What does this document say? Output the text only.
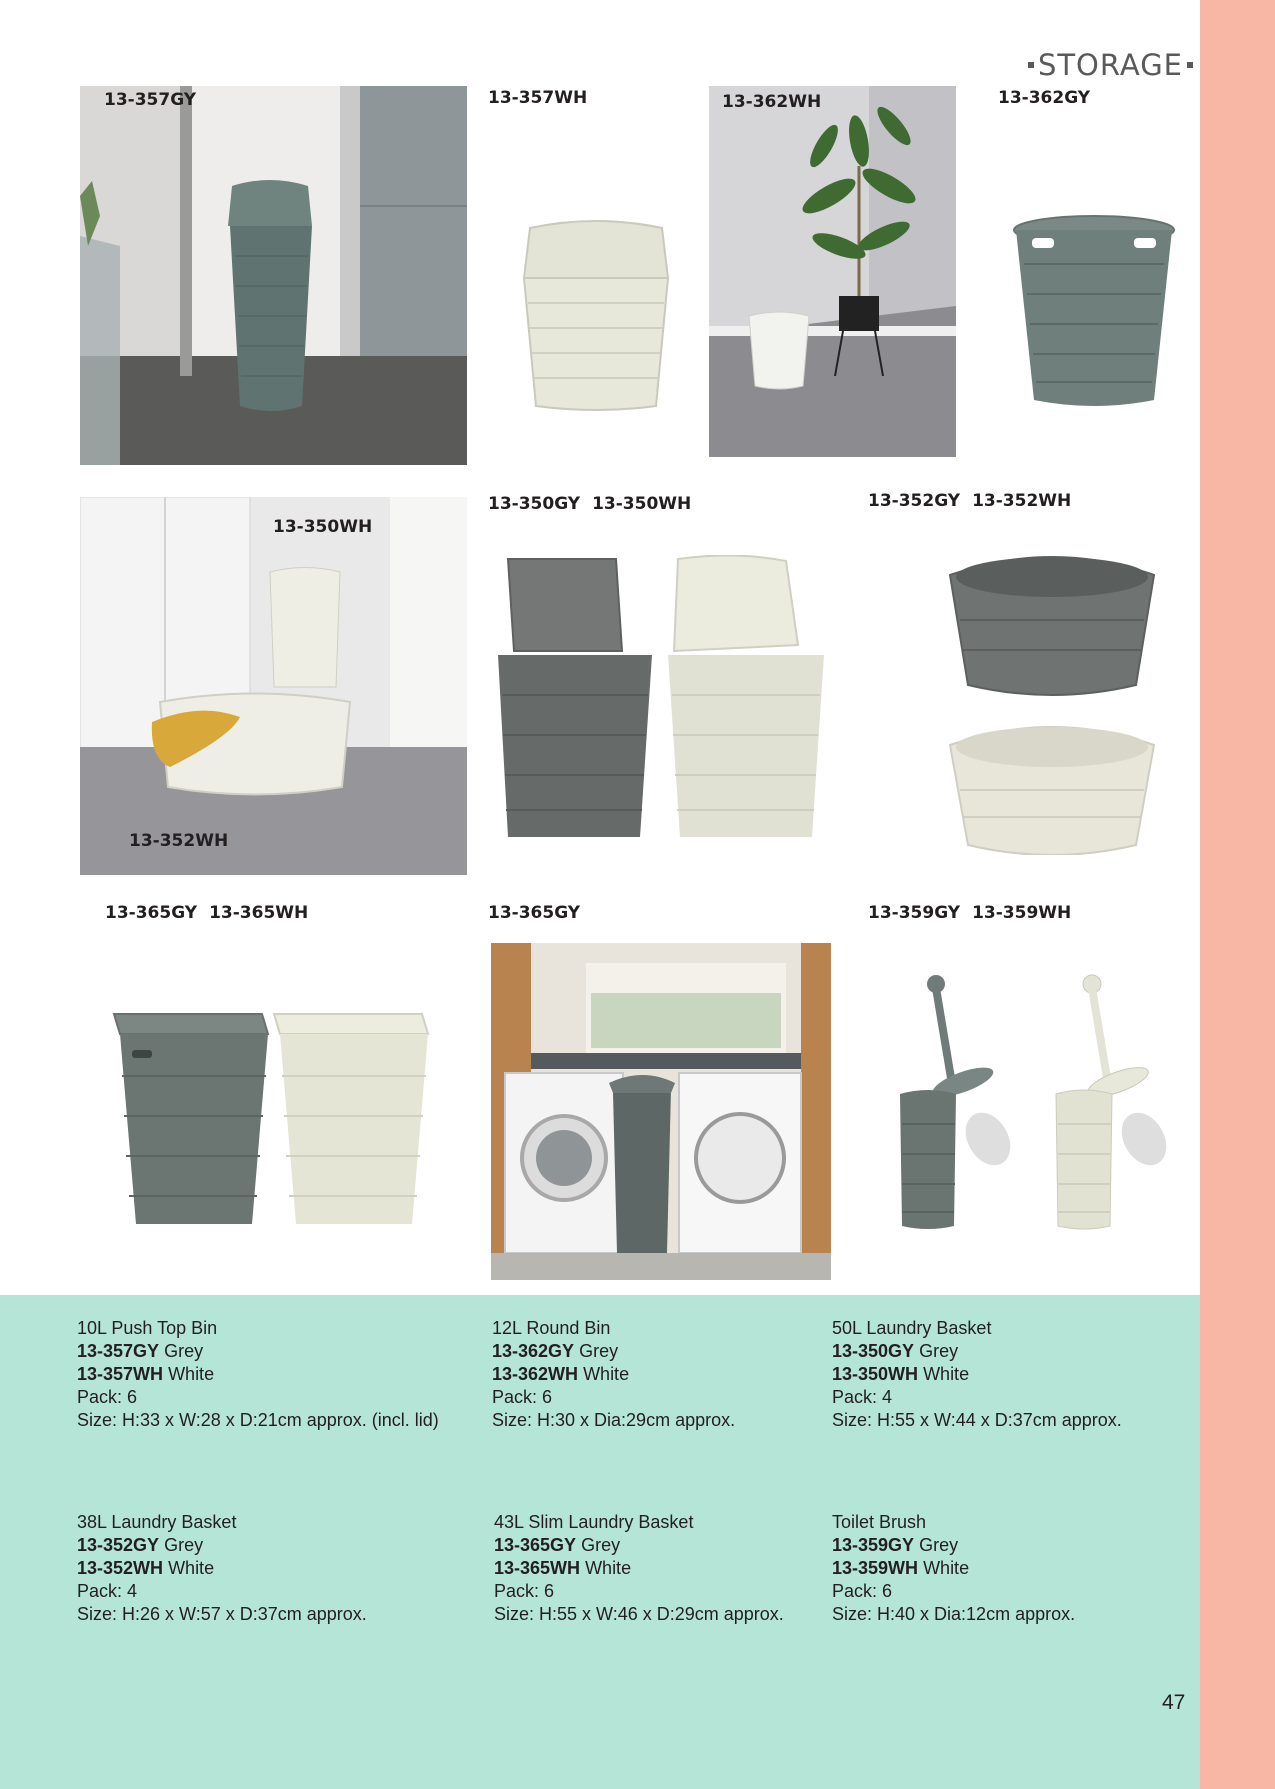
STORAGE
13-357GY	13-357WH	13-362WH	13-362GY
13-350WH
13-352WH
13-350GY 13-350WH	13-352GY 13-352WH
13-365GY 13-365WH	13-365GY	13-359GY 13-359WH
10L Push Top Bin
13-357GY Grey
13-357WH White
Pack: 6
Size: H:33 x W:28 x D:21cm approx. (incl. lid)
12L Round Bin
13-362GY Grey
13-362WH White
Pack: 6
Size: H:30 x Dia:29cm approx.
50L Laundry Basket
13-350GY Grey
13-350WH White
Pack: 4
Size: H:55 x W:44 x D:37cm approx.
38L Laundry Basket
13-352GY Grey
13-352WH White
Pack: 4
Size: H:26 x W:57 x D:37cm approx.
43L Slim Laundry Basket
13-365GY Grey
13-365WH White
Pack: 6
Size: H:55 x W:46 x D:29cm approx.
Toilet Brush
13-359GY Grey
13-359WH White
Pack: 6
Size: H:40 x Dia:12cm approx.
47
